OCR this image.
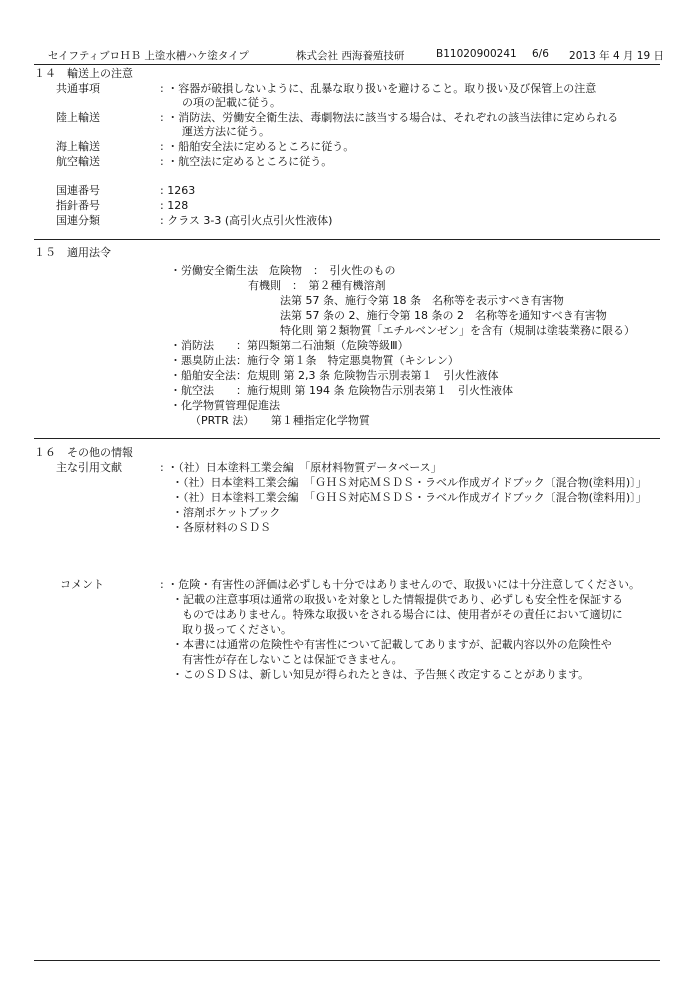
セイフティブロＨＢ 上塗水槽ハケ塗タイプ	株式会社 西海養殖技研	B11020900241 6/6 2013 年 4 月 19 日
１４　輸送上の注意
共通事項	: ・容器が破損しないように、乱暴な取り扱いを避けること。取り扱い及び保管上の注意
の項の記載に従う。
陸上輸送	: ・消防法、労働安全衛生法、毒劇物法に該当する場合は、それぞれの該当法律に定められる
運送方法に従う。
海上輸送	: ・船舶安全法に定めるところに従う。
航空輸送	: ・航空法に定めるところに従う。
国連番号	: 1263
指針番号	: 128
国連分類	: クラス 3-3 (高引火点引火性液体)
１５　適用法令
・労働安全衛生法　危険物　：　引火性のもの
有機則　：　第２種有機溶剤
法第 57 条、施行令第 18 条　名称等を表示すべき有害物
法第 57 条の 2、施行令第 18 条の 2　名称等を通知すべき有害物
特化則 第２類物質「エチルベンゼン」を含有（規制は塗装業務に限る）
・消防法　　：第四類第二石油類（危険等級Ⅲ）
・悪臭防止法：施行令 第１条　特定悪臭物質（キシレン）
・船舶安全法：危規則 第 2,3 条 危険物告示別表第１　引火性液体
・航空法　　：施行規則 第 194 条 危険物告示別表第１　引火性液体
・化学物質管理促進法
（PRTR 法）　　第１種指定化学物質
１６　その他の情報
主な引用文献	: ・（社）日本塗料工業会編　「原材料物質データベース」
・（社）日本塗料工業会編　「ＧＨＳ対応ＭＳＤＳ・ラベル作成ガイドブック〔混合物(塗料用)〕」
・（社）日本塗料工業会編　「ＧＨＳ対応ＭＳＤＳ・ラベル作成ガイドブック〔混合物(塗料用)〕」
・溶剤ポケットブック
・各原材料のＳＤＳ
コメント	: ・危険・有害性の評価は必ずしも十分ではありませんので、取扱いには十分注意してください。
・記載の注意事項は通常の取扱いを対象とした情報提供であり、必ずしも安全性を保証する
ものではありません。特殊な取扱いをされる場合には、使用者がその責任において適切に
取り扱ってください。
・本書には通常の危険性や有害性について記載してありますが、記載内容以外の危険性や
有害性が存在しないことは保証できません。
・このＳＤＳは、新しい知見が得られたときは、予告無く改定することがあります。
